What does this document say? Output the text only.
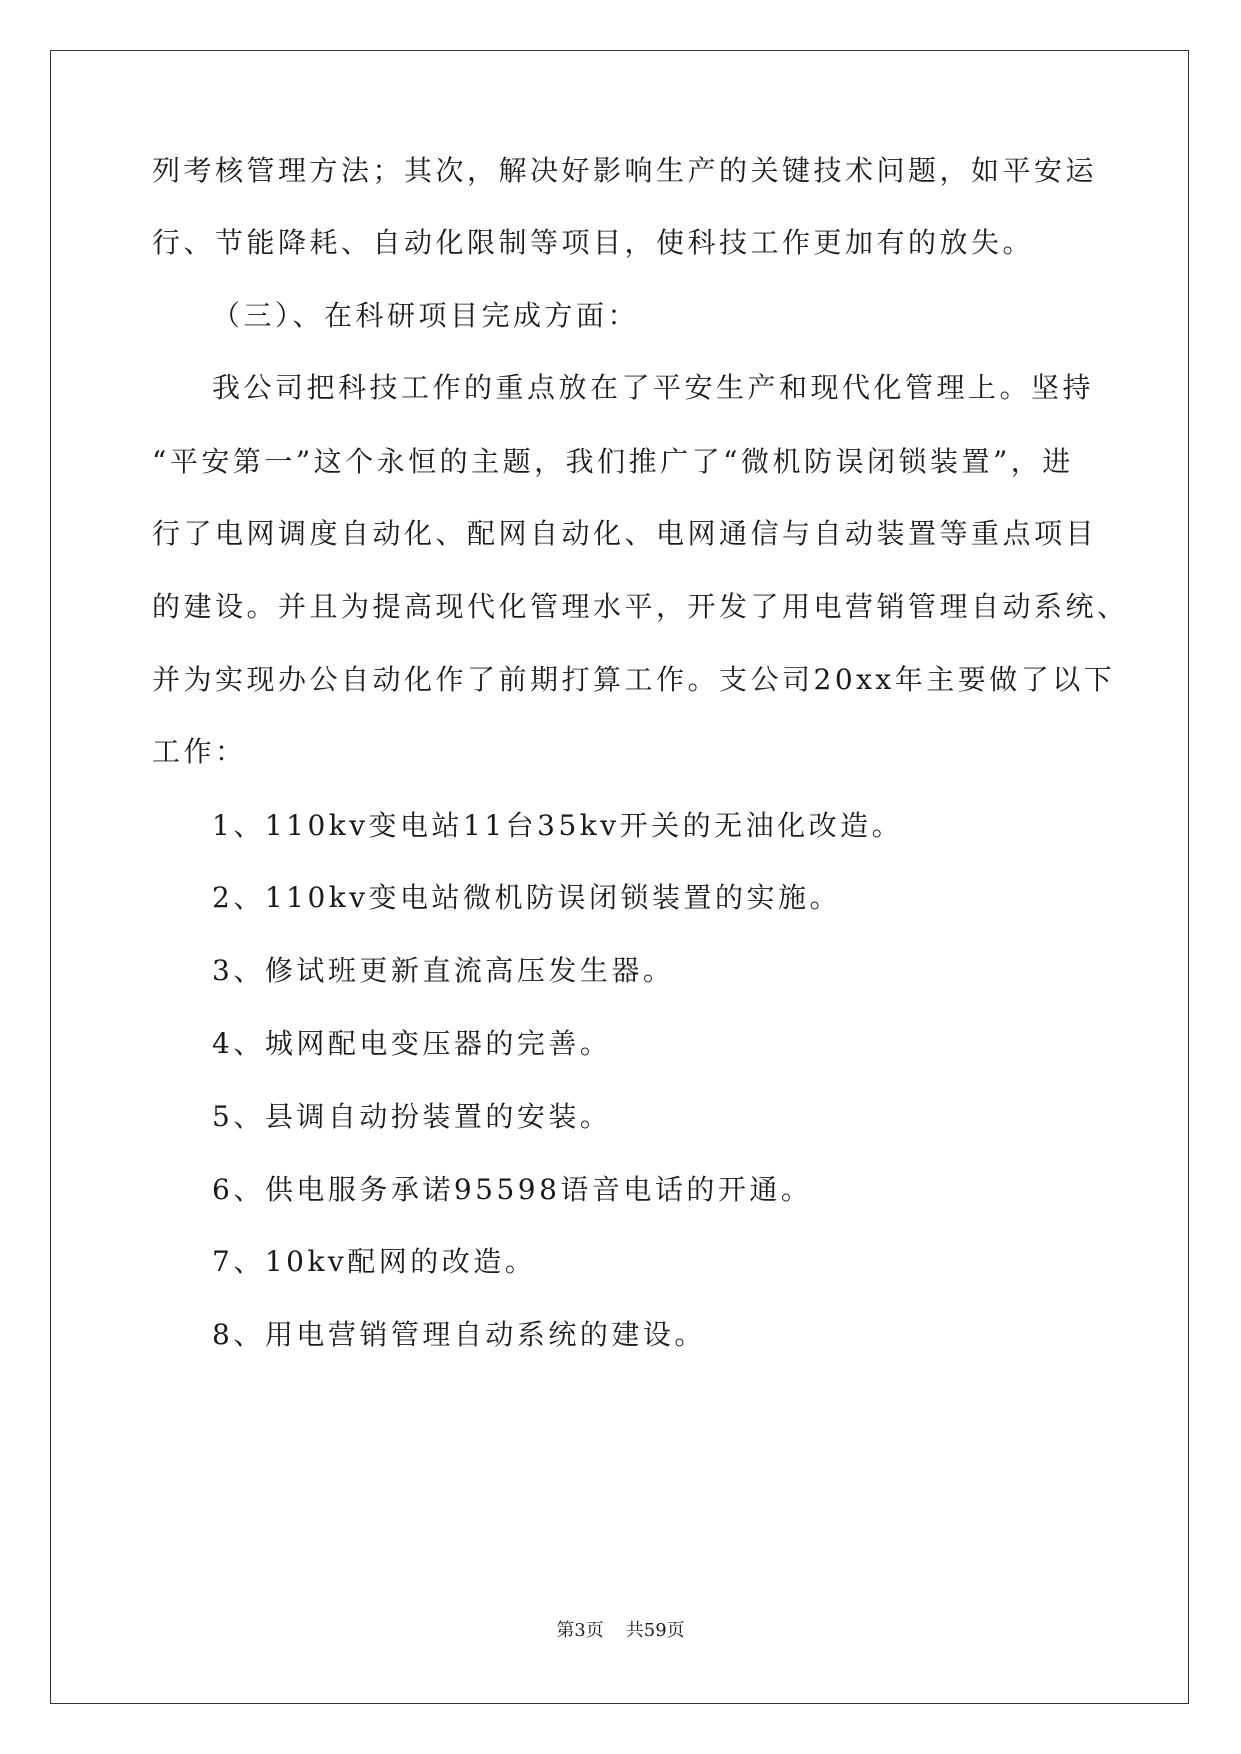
列考核管理方法；其次，解决好影响生产的关键技术问题，如平安运
行、节能降耗、自动化限制等项目，使科技工作更加有的放失。
（三）、在科研项目完成方面：
我公司把科技工作的重点放在了平安生产和现代化管理上。坚持
“平安第一”这个永恒的主题，我们推广了“微机防误闭锁装置”，进
行了电网调度自动化、配网自动化、电网通信与自动装置等重点项目
的建设。并且为提高现代化管理水平，开发了用电营销管理自动系统、
并为实现办公自动化作了前期打算工作。支公司20xx年主要做了以下
工作：
1、110kv变电站11台35kv开关的无油化改造。
2、110kv变电站微机防误闭锁装置的实施。
3、修试班更新直流高压发生器。
4、城网配电变压器的完善。
5、县调自动扮装置的安装。
6、供电服务承诺95598语音电话的开通。
7、10kv配网的改造。
8、用电营销管理自动系统的建设。
第3页 共59页
